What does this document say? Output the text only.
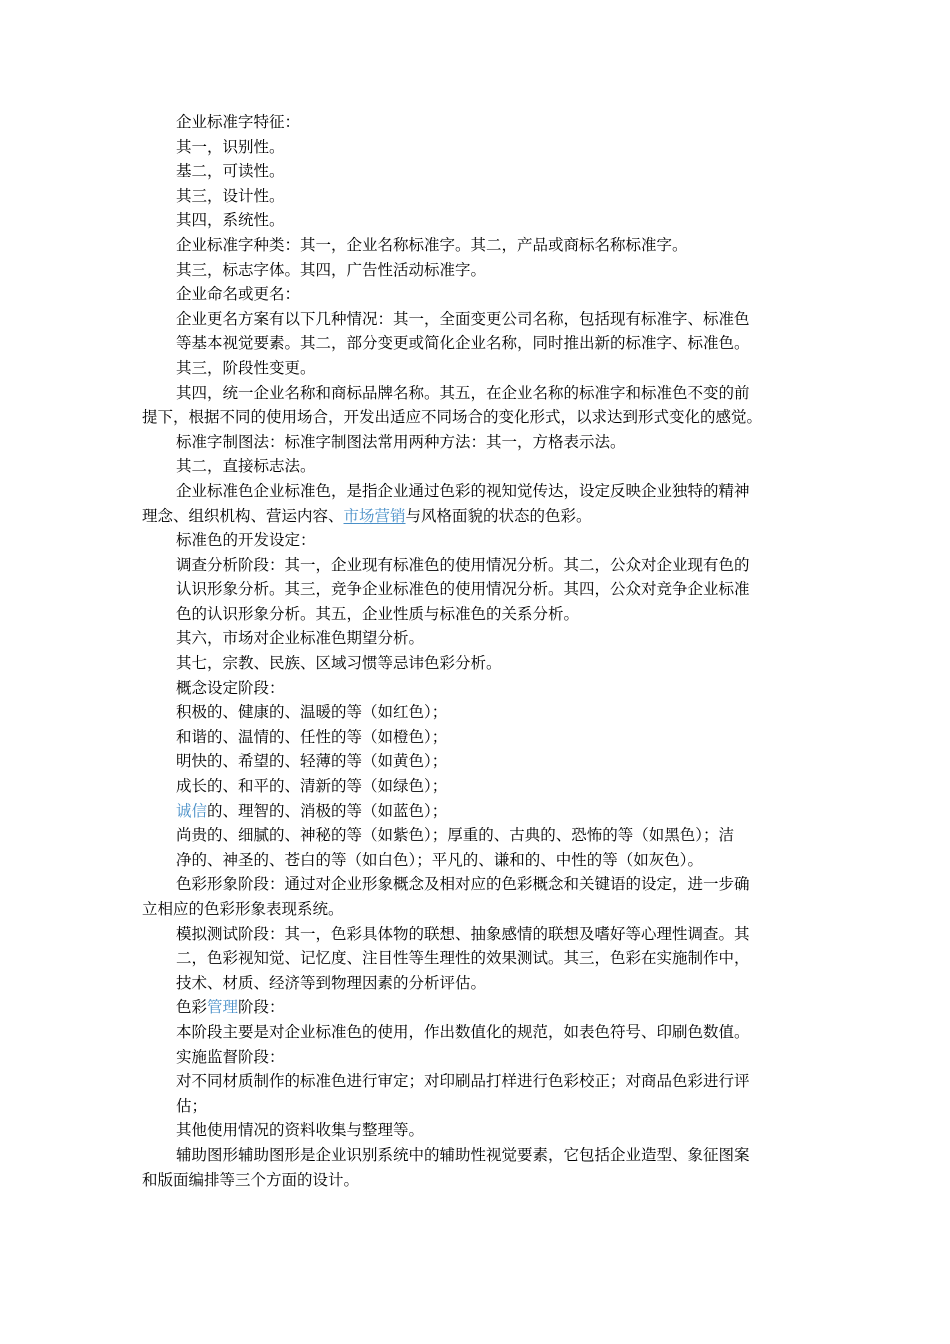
企业标准字特征：
其一，识别性。
基二，可读性。
其三，设计性。
其四，系统性。
企业标准字种类：其一，企业名称标准字。其二，产品或商标名称标准字。
其三，标志字体。其四，广告性活动标准字。
企业命名或更名：
企业更名方案有以下几种情况：其一，全面变更公司名称，包括现有标准字、标准色
等基本视觉要素。其二，部分变更或简化企业名称，同时推出新的标准字、标准色。
其三，阶段性变更。
其四，统一企业名称和商标品牌名称。其五，在企业名称的标准字和标准色不变的前
提下，根据不同的使用场合，开发出适应不同场合的变化形式，以求达到形式变化的感觉。
标准字制图法：标准字制图法常用两种方法：其一，方格表示法。
其二，直接标志法。
企业标准色企业标准色，是指企业通过色彩的视知觉传达，设定反映企业独特的精神
理念、组织机构、营运内容、市场营销与风格面貌的状态的色彩。
标准色的开发设定：
调查分析阶段：其一，企业现有标准色的使用情况分析。其二，公众对企业现有色的
认识形象分析。其三，竞争企业标准色的使用情况分析。其四，公众对竞争企业标准
色的认识形象分析。其五，企业性质与标准色的关系分析。
其六，市场对企业标准色期望分析。
其七，宗教、民族、区域习惯等忌讳色彩分析。
概念设定阶段：
积极的、健康的、温暖的等（如红色）；
和谐的、温情的、任性的等（如橙色）；
明快的、希望的、轻薄的等（如黄色）；
成长的、和平的、清新的等（如绿色）；
诚信的、理智的、消极的等（如蓝色）；
尚贵的、细腻的、神秘的等（如紫色）；厚重的、古典的、恐怖的等（如黑色）；洁
净的、神圣的、苍白的等（如白色）；平凡的、谦和的、中性的等（如灰色）。
色彩形象阶段：通过对企业形象概念及相对应的色彩概念和关键语的设定，进一步确
立相应的色彩形象表现系统。
模拟测试阶段：其一，色彩具体物的联想、抽象感情的联想及嗜好等心理性调查。其
二，色彩视知觉、记忆度、注目性等生理性的效果测试。其三，色彩在实施制作中，
技术、材质、经济等到物理因素的分析评估。
色彩管理阶段：
本阶段主要是对企业标准色的使用，作出数值化的规范，如表色符号、印刷色数值。
实施监督阶段：
对不同材质制作的标准色进行审定；对印刷品打样进行色彩校正；对商品色彩进行评
估；
其他使用情况的资料收集与整理等。
辅助图形辅助图形是企业识别系统中的辅助性视觉要素，它包括企业造型、象征图案
和版面编排等三个方面的设计。
